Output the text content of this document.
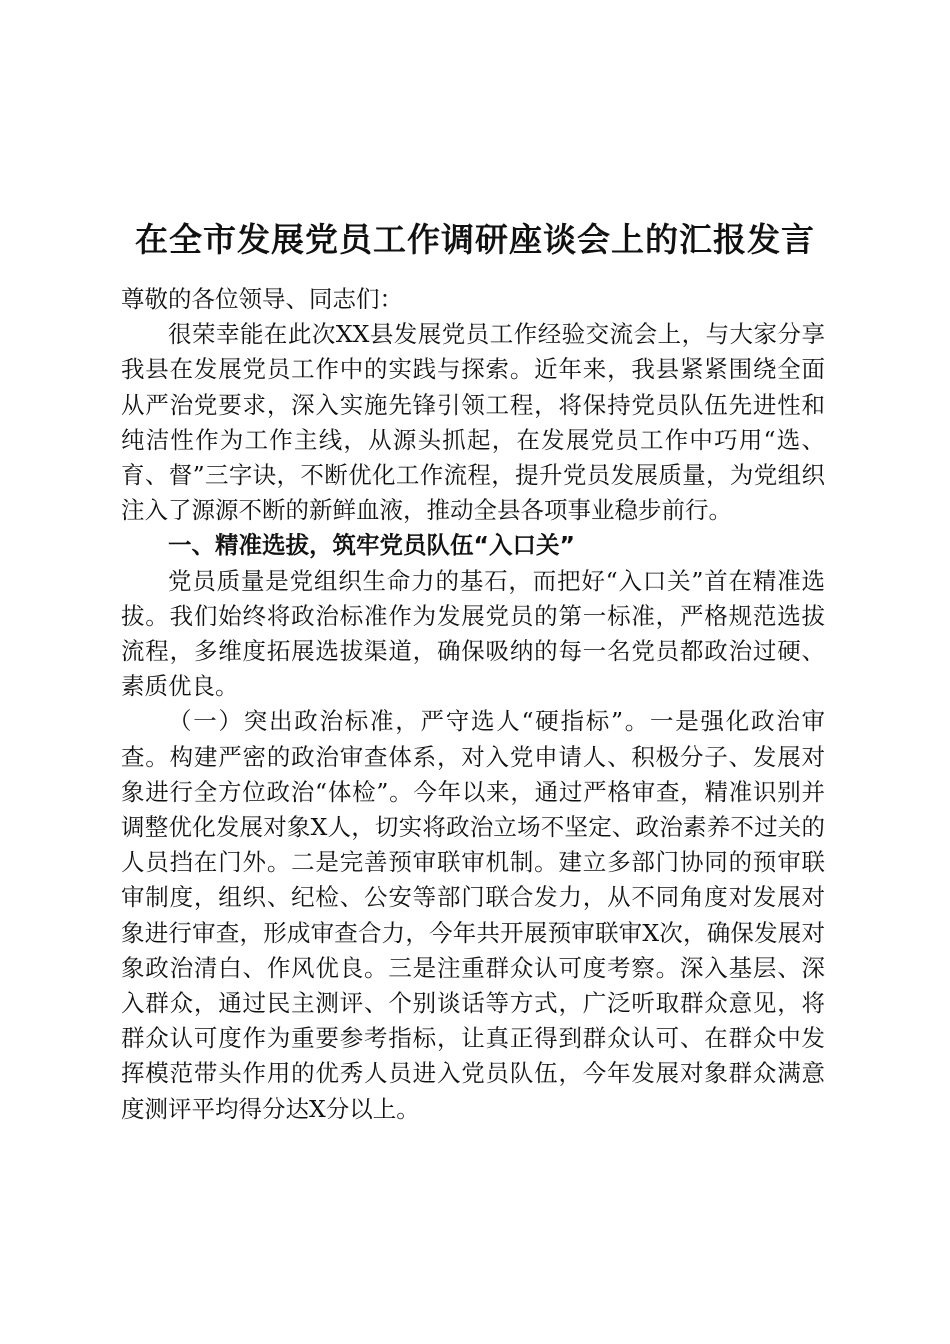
在全市发展党员工作调研座谈会上的汇报发言

尊敬的各位领导、同志们：

很荣幸能在此次XX县发展党员工作经验交流会上，与大家分享我县在发展党员工作中的实践与探索。近年来，我县紧紧围绕全面从严治党要求，深入实施先锋引领工程，将保持党员队伍先进性和纯洁性作为工作主线，从源头抓起，在发展党员工作中巧用“选、育、督”三字诀，不断优化工作流程，提升党员发展质量，为党组织注入了源源不断的新鲜血液，推动全县各项事业稳步前行。

一、精准选拔，筑牢党员队伍“入口关”

党员质量是党组织生命力的基石，而把好“入口关”首在精准选拔。我们始终将政治标准作为发展党员的第一标准，严格规范选拔流程，多维度拓展选拔渠道，确保吸纳的每一名党员都政治过硬、素质优良。

（一）突出政治标准，严守选人“硬指标”。一是强化政治审查。构建严密的政治审查体系，对入党申请人、积极分子、发展对象进行全方位政治“体检”。今年以来，通过严格审查，精准识别并调整优化发展对象X人，切实将政治立场不坚定、政治素养不过关的人员挡在门外。二是完善预审联审机制。建立多部门协同的预审联审制度，组织、纪检、公安等部门联合发力，从不同角度对发展对象进行审查，形成审查合力，今年共开展预审联审X次，确保发展对象政治清白、作风优良。三是注重群众认可度考察。深入基层、深入群众，通过民主测评、个别谈话等方式，广泛听取群众意见，将群众认可度作为重要参考指标，让真正得到群众认可、在群众中发挥模范带头作用的优秀人员进入党员队伍，今年发展对象群众满意度测评平均得分达X分以上。
